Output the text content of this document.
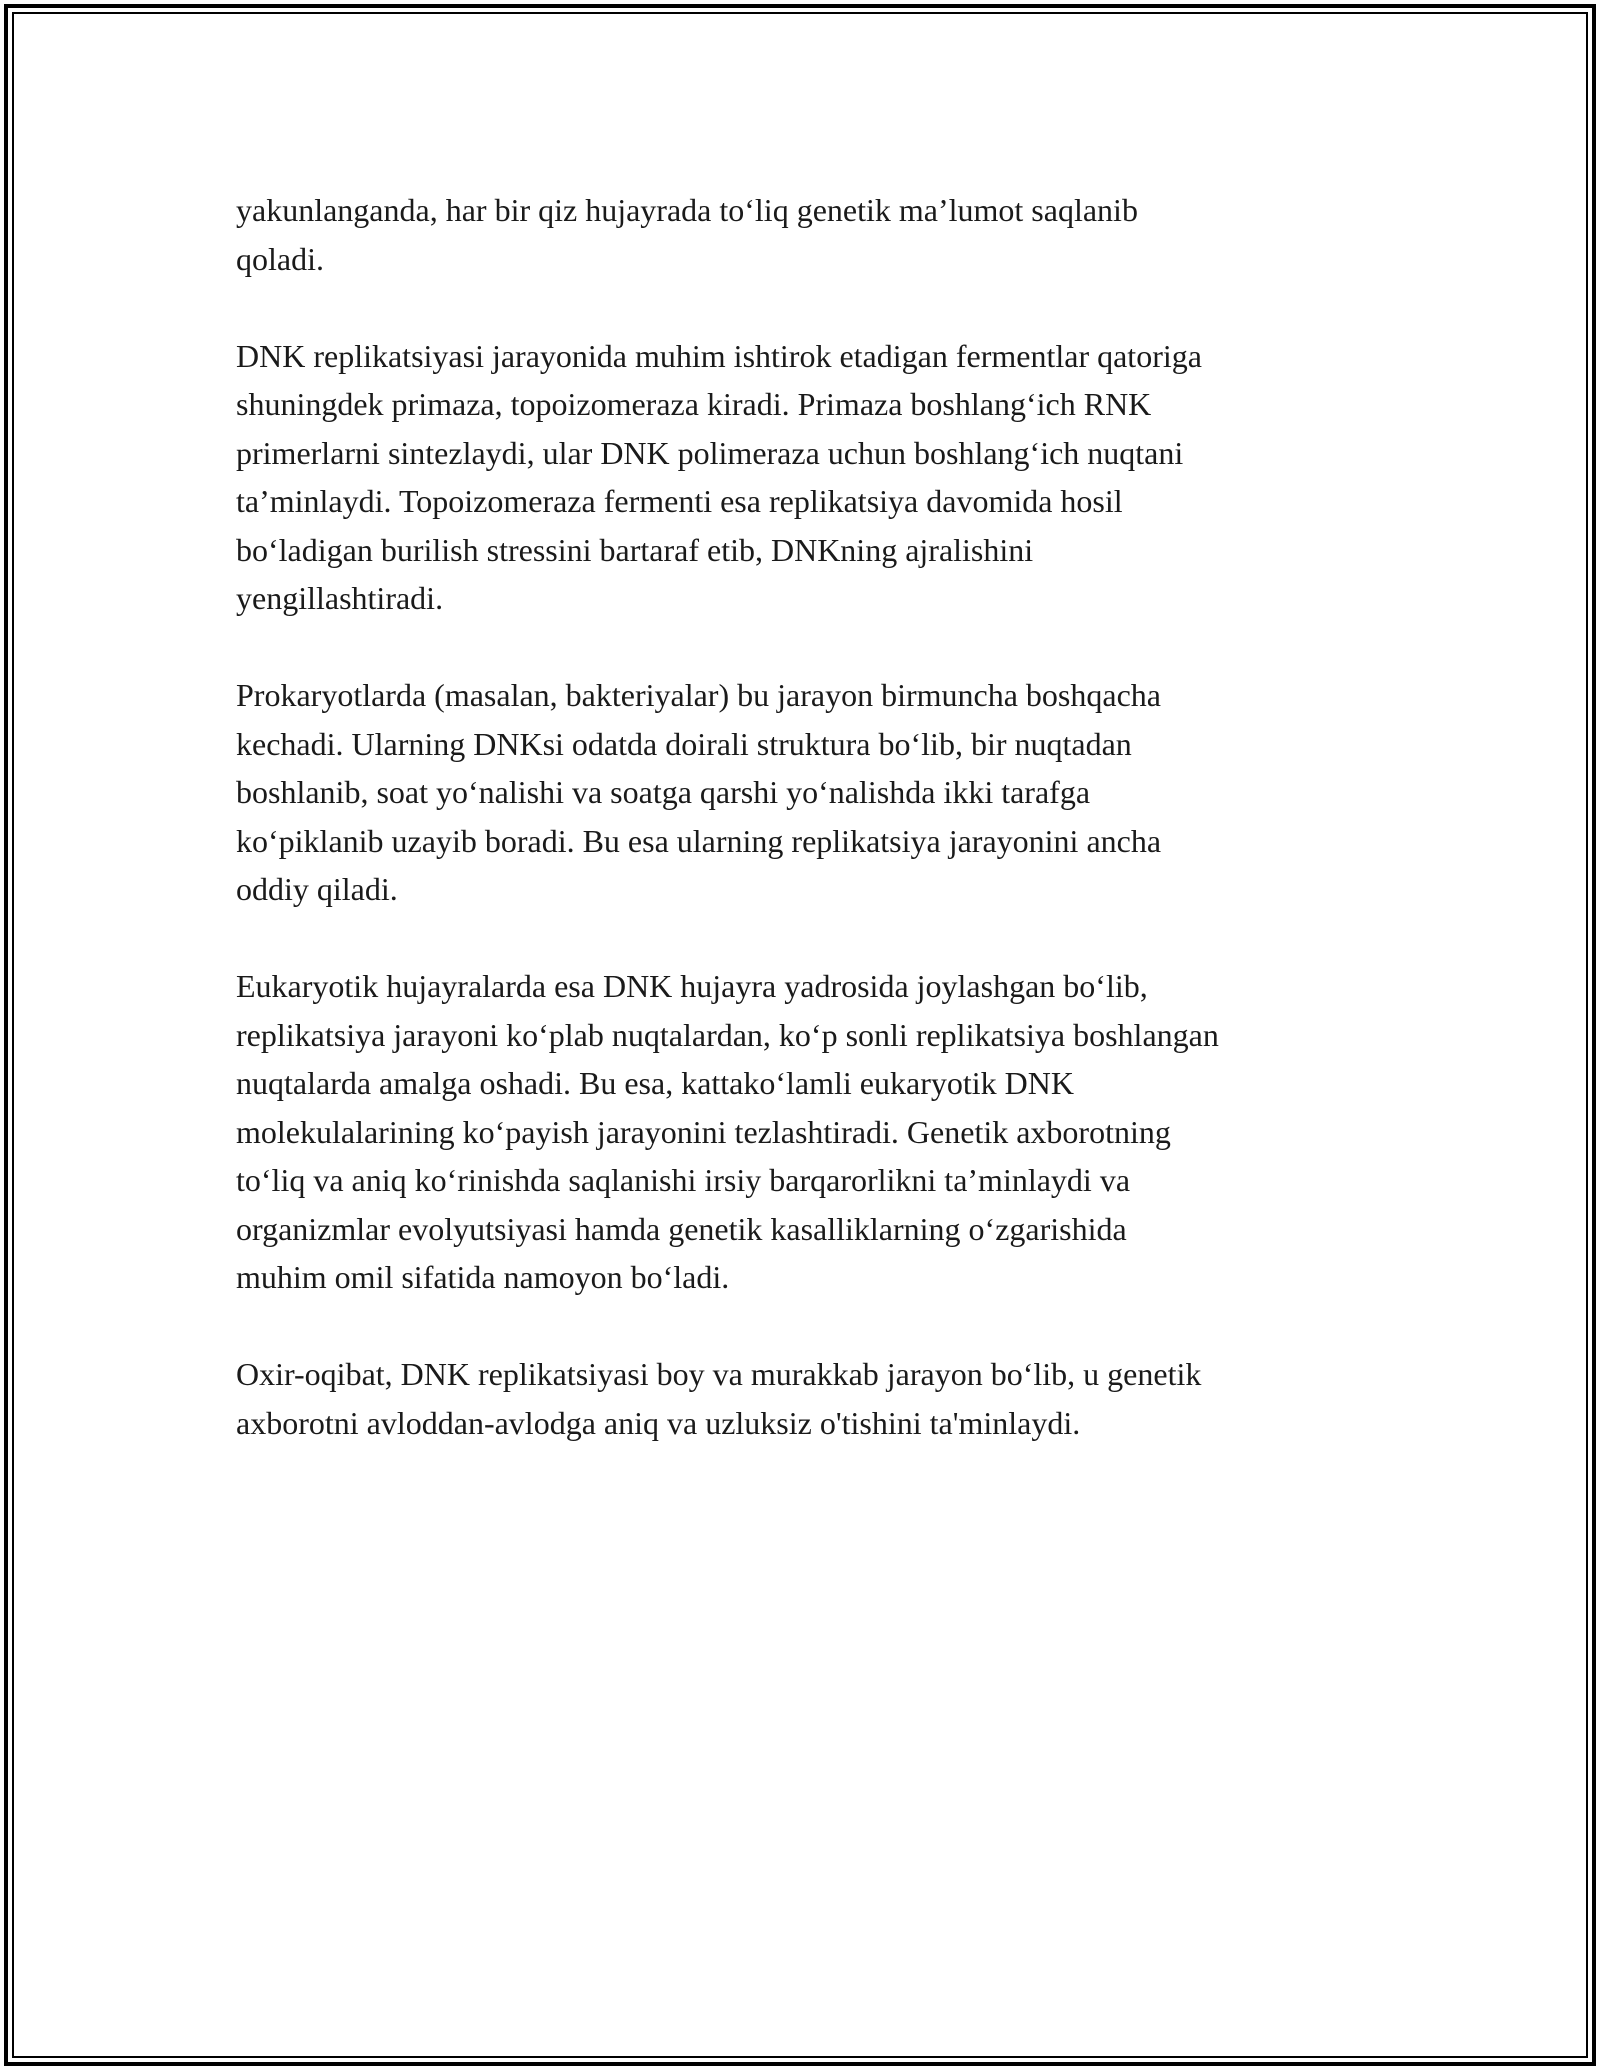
yakunlanganda, har bir qiz hujayrada to‘liq genetik ma’lumot saqlanib
qoladi.

DNK replikatsiyasi jarayonida muhim ishtirok etadigan fermentlar qatoriga
shuningdek primaza, topoizomeraza kiradi. Primaza boshlang‘ich RNK
primerlarni sintezlaydi, ular DNK polimeraza uchun boshlang‘ich nuqtani
ta’minlaydi. Topoizomeraza fermenti esa replikatsiya davomida hosil
bo‘ladigan burilish stressini bartaraf etib, DNKning ajralishini
yengillashtiradi.

Prokaryotlarda (masalan, bakteriyalar) bu jarayon birmuncha boshqacha
kechadi. Ularning DNKsi odatda doirali struktura bo‘lib, bir nuqtadan
boshlanib, soat yo‘nalishi va soatga qarshi yo‘nalishda ikki tarafga
ko‘piklanib uzayib boradi. Bu esa ularning replikatsiya jarayonini ancha
oddiy qiladi.

Eukaryotik hujayralarda esa DNK hujayra yadrosida joylashgan bo‘lib,
replikatsiya jarayoni ko‘plab nuqtalardan, ko‘p sonli replikatsiya boshlangan
nuqtalarda amalga oshadi. Bu esa, kattako‘lamli eukaryotik DNK
molekulalarining ko‘payish jarayonini tezlashtiradi. Genetik axborotning
to‘liq va aniq ko‘rinishda saqlanishi irsiy barqarorlikni ta’minlaydi va
organizmlar evolyutsiyasi hamda genetik kasalliklarning o‘zgarishida
muhim omil sifatida namoyon bo‘ladi.

Oxir-oqibat, DNK replikatsiyasi boy va murakkab jarayon bo‘lib, u genetik
axborotni avloddan-avlodga aniq va uzluksiz o'tishini ta'minlaydi.
